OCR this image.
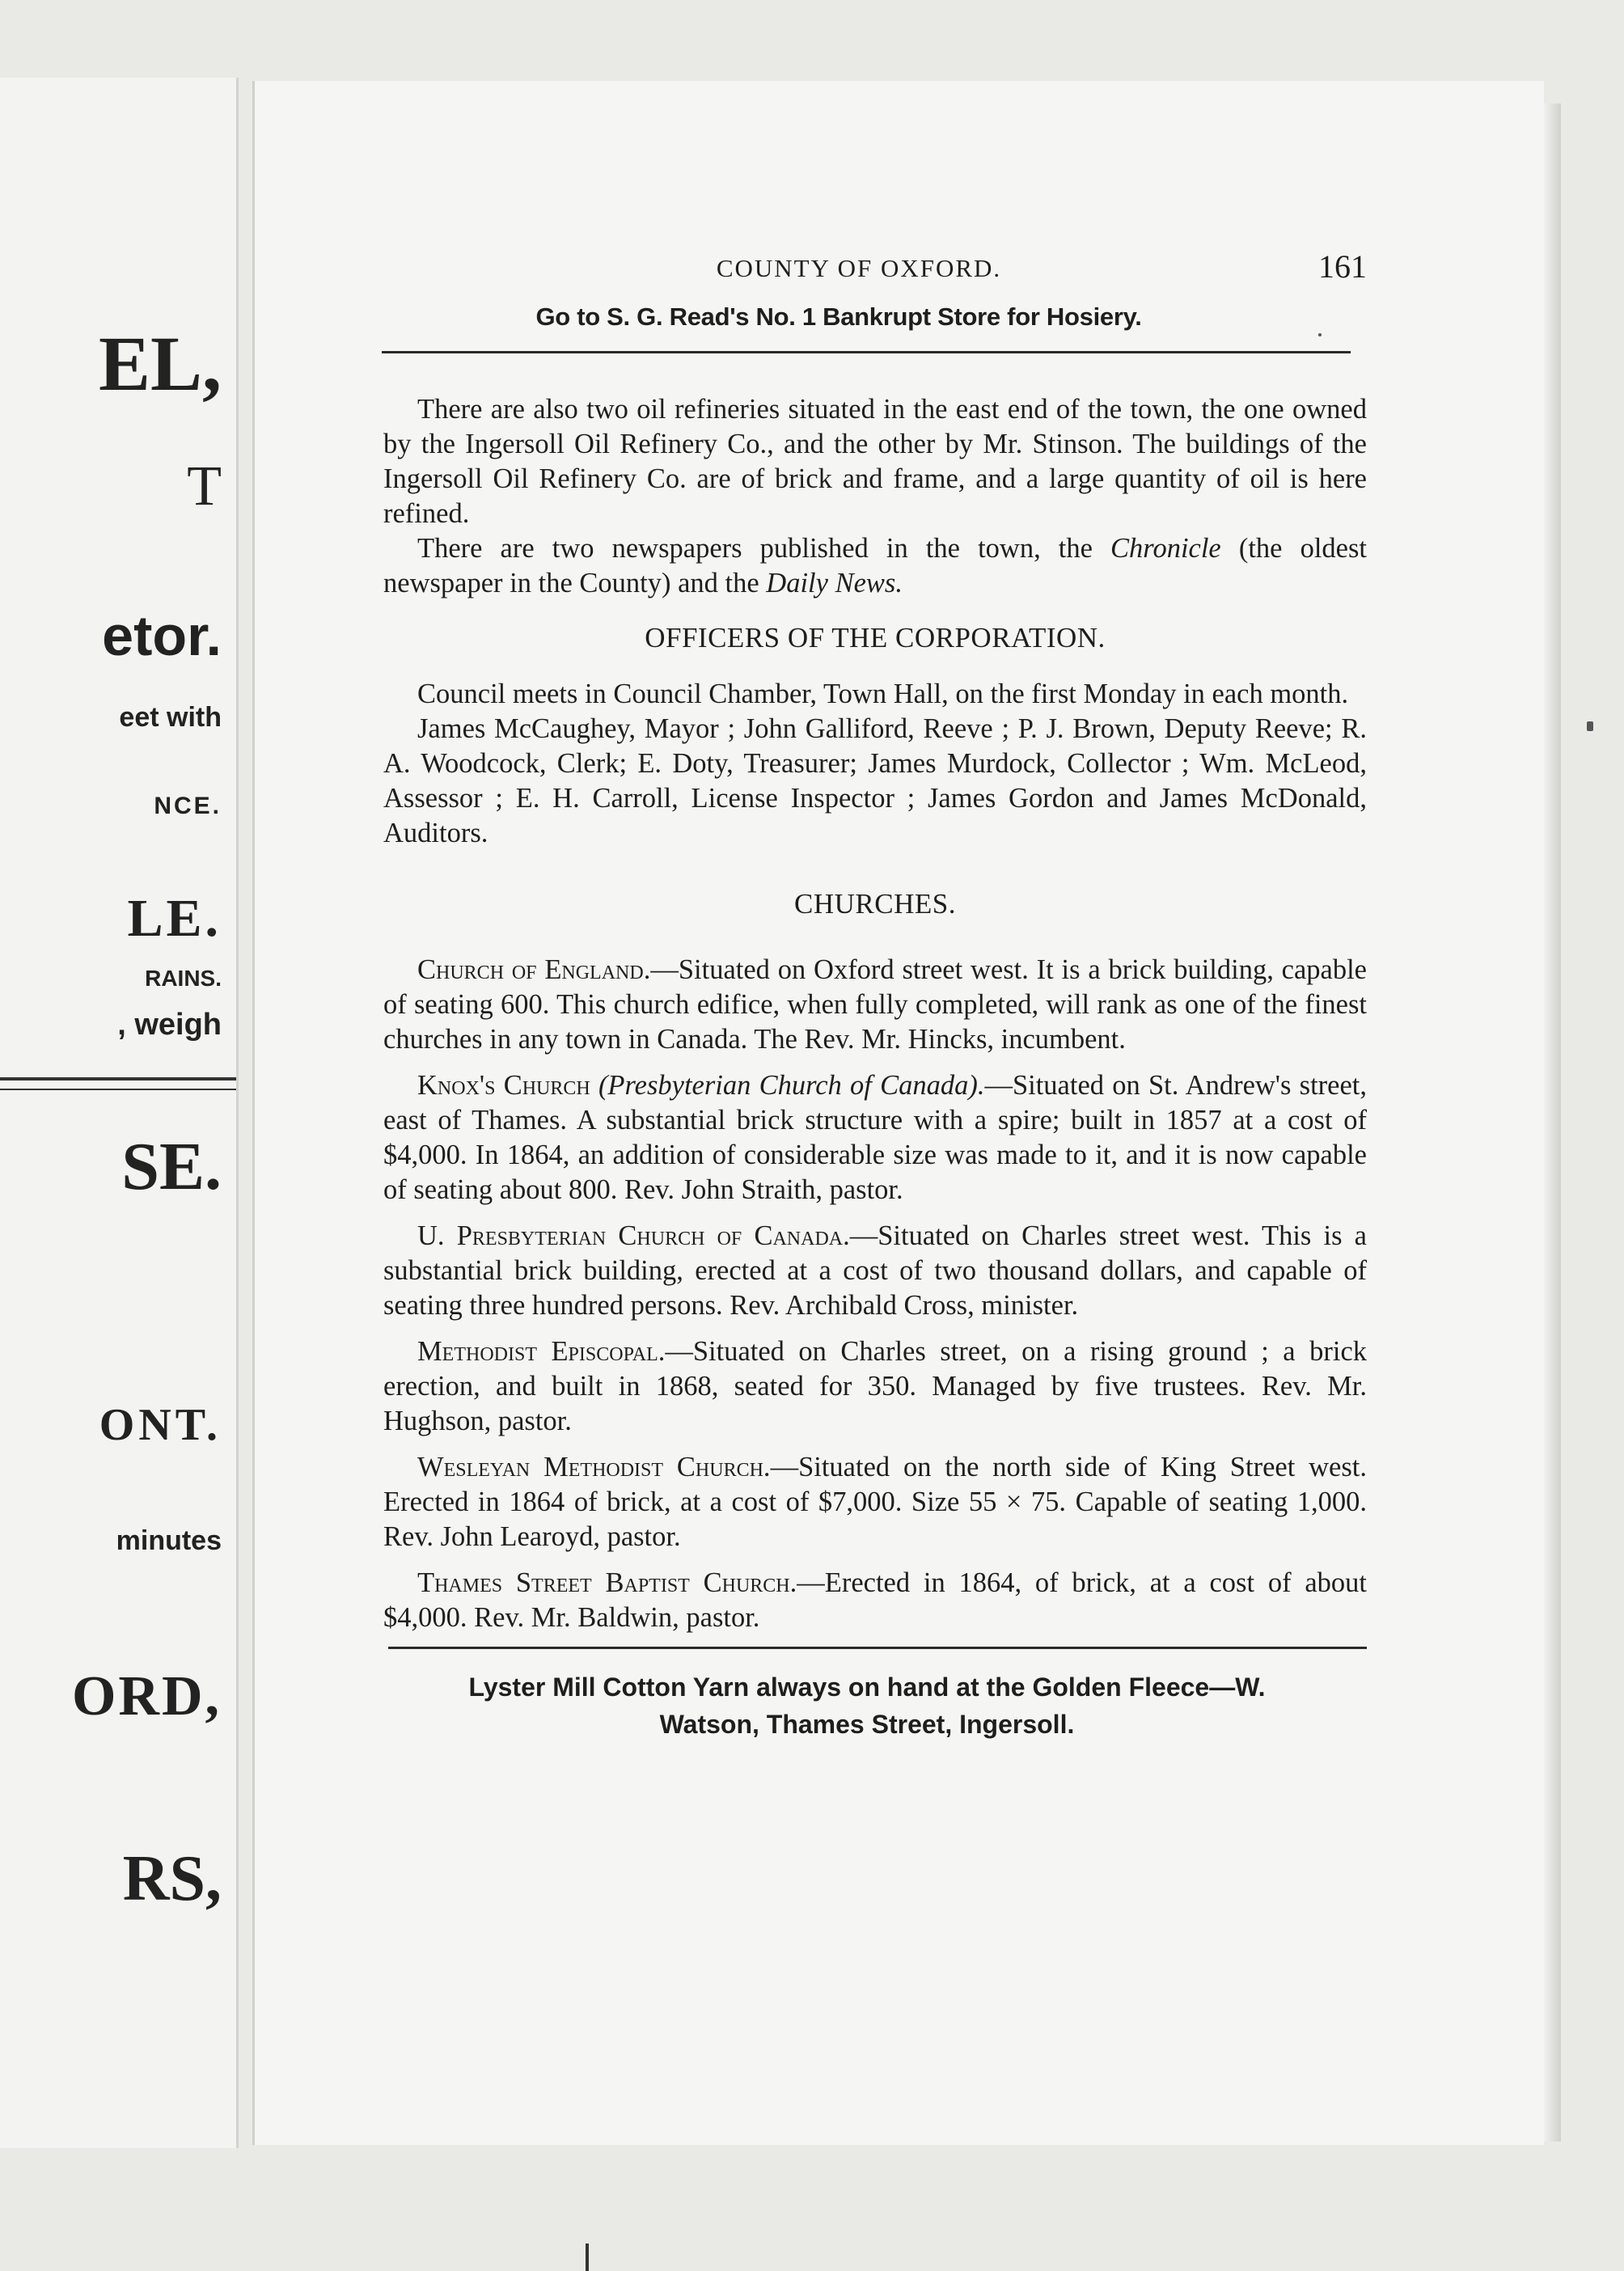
EL,
T
etor.
eet with
NCE.
LE.
RAINS.
, weigh
SE.
ONT.
minutes
ORD,
RS,
COUNTY OF OXFORD.	161
Go to S. G. Read's No. 1 Bankrupt Store for Hosiery.

There are also two oil refineries situated in the east end of the town, the one owned by the Ingersoll Oil Refinery Co., and the other by Mr. Stinson. The buildings of the Ingersoll Oil Refinery Co. are of brick and frame, and a large quantity of oil is here refined.

There are two newspapers published in the town, the Chronicle (the oldest newspaper in the County) and the Daily News.

OFFICERS OF THE CORPORATION.

Council meets in Council Chamber, Town Hall, on the first Monday in each month.

James McCaughey, Mayor ; John Galliford, Reeve ; P. J. Brown, Deputy Reeve; R. A. Woodcock, Clerk; E. Doty, Treasurer; James Murdock, Collector ; Wm. McLeod, Assessor ; E. H. Carroll, License Inspector ; James Gordon and James McDonald, Auditors.

CHURCHES.

Church of England.—Situated on Oxford street west. It is a brick building, capable of seating 600. This church edifice, when fully completed, will rank as one of the finest churches in any town in Canada. The Rev. Mr. Hincks, incumbent.

Knox's Church (Presbyterian Church of Canada).—Situated on St. Andrew's street, east of Thames. A substantial brick structure with a spire; built in 1857 at a cost of $4,000. In 1864, an addition of considerable size was made to it, and it is now capable of seating about 800. Rev. John Straith, pastor.

U. Presbyterian Church of Canada.—Situated on Charles street west. This is a substantial brick building, erected at a cost of two thousand dollars, and capable of seating three hundred persons. Rev. Archibald Cross, minister.

Methodist Episcopal.—Situated on Charles street, on a rising ground ; a brick erection, and built in 1868, seated for 350. Managed by five trustees. Rev. Mr. Hughson, pastor.

Wesleyan Methodist Church.—Situated on the north side of King Street west. Erected in 1864 of brick, at a cost of $7,000. Size 55 × 75. Capable of seating 1,000. Rev. John Learoyd, pastor.

Thames Street Baptist Church.—Erected in 1864, of brick, at a cost of about $4,000. Rev. Mr. Baldwin, pastor.

Lyster Mill Cotton Yarn always on hand at the Golden Fleece—W.
Watson, Thames Street, Ingersoll.
